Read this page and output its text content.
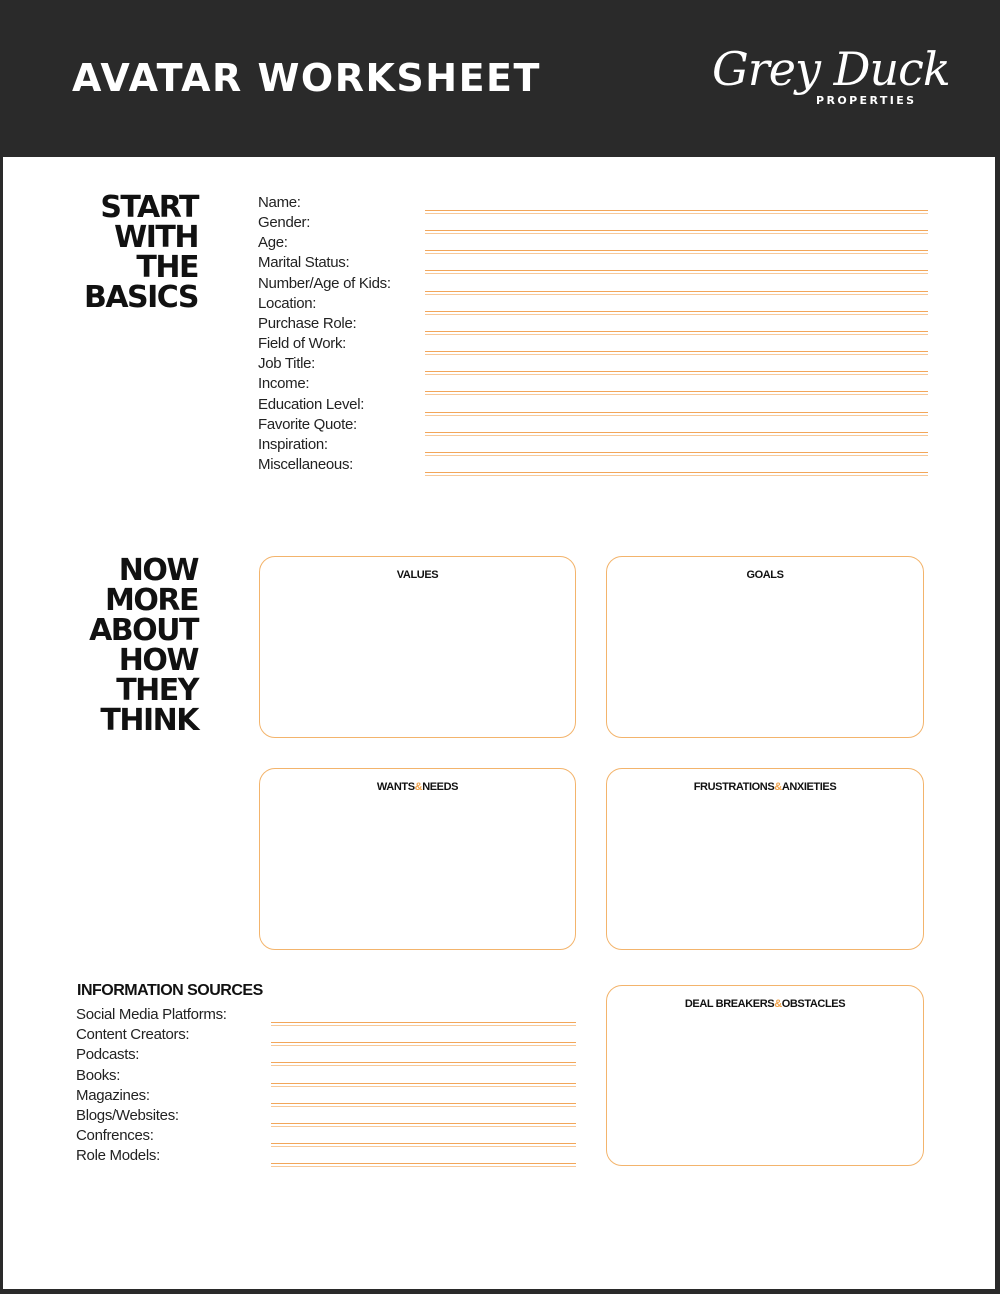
AVATAR WORKSHEET	Grey Duck
PROPERTIES
START
WITH
THE
BASICS
Name:
Gender:
Age:
Marital Status:
Number/Age of Kids:
Location:
Purchase Role:
Field of Work:
Job Title:
Income:
Education Level:
Favorite Quote:
Inspiration:
Miscellaneous:
NOW
MORE
ABOUT
HOW
THEY
THINK
VALUES	GOALS
WANTS&NEEDS	FRUSTRATIONS&ANXIETIES
DEAL BREAKERS&OBSTACLES
INFORMATION SOURCES
Social Media Platforms:
Content Creators:
Podcasts:
Books:
Magazines:
Blogs/Websites:
Confrences:
Role Models:
